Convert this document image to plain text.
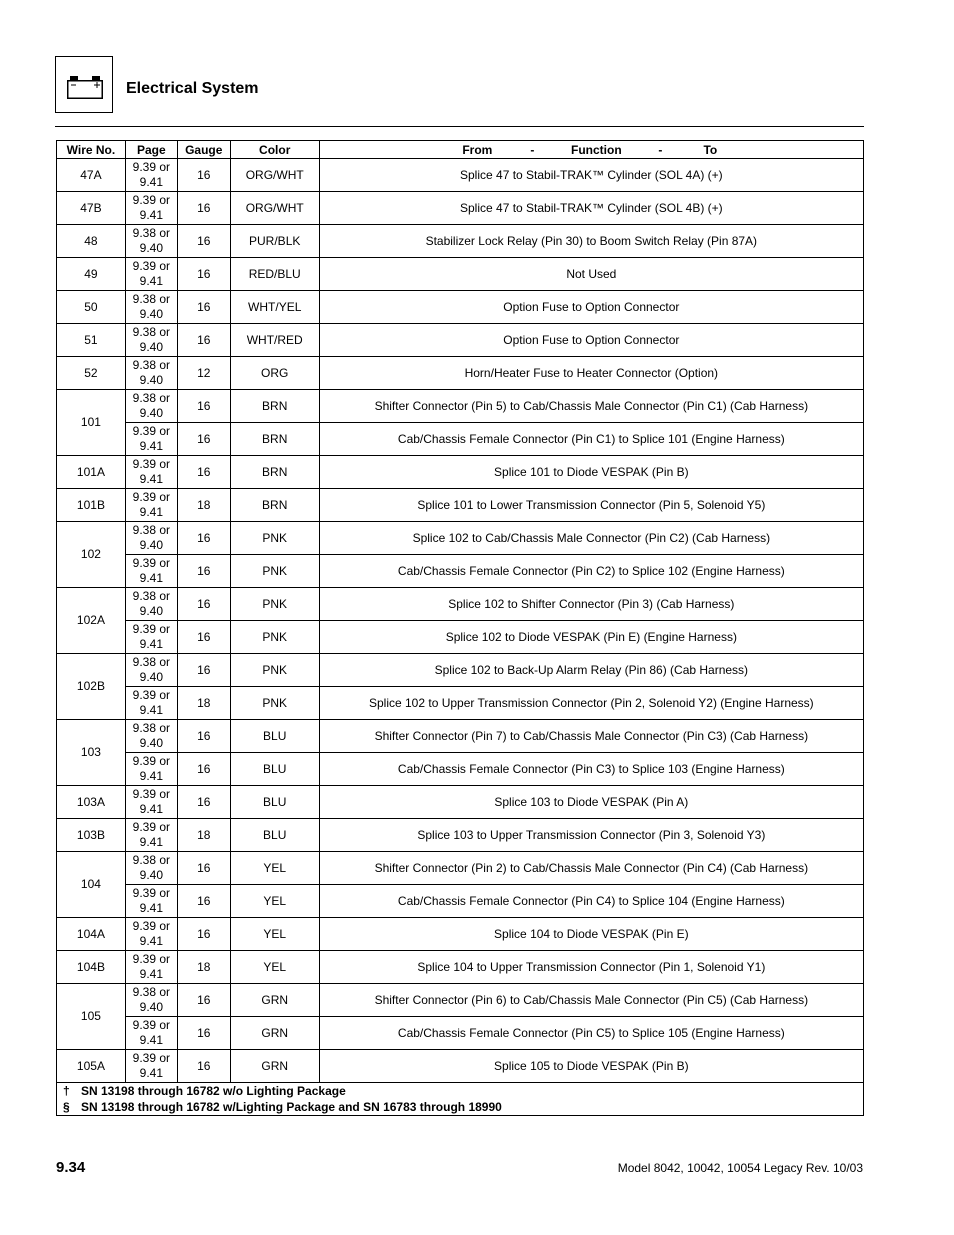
Electrical System
Wire No.	Page	Gauge	Color	From - Function - To

47A	9.39 or 9.41	16	ORG/WHT	Splice 47 to Stabil-TRAK™ Cylinder (SOL 4A) (+)
47B	9.39 or 9.41	16	ORG/WHT	Splice 47 to Stabil-TRAK™ Cylinder (SOL 4B) (+)
48	9.38 or 9.40	16	PUR/BLK	Stabilizer Lock Relay (Pin 30) to Boom Switch Relay (Pin 87A)
49	9.39 or 9.41	16	RED/BLU	Not Used
50	9.38 or 9.40	16	WHT/YEL	Option Fuse to Option Connector
51	9.38 or 9.40	16	WHT/RED	Option Fuse to Option Connector
52	9.38 or 9.40	12	ORG	Horn/Heater Fuse to Heater Connector (Option)
101	9.38 or 9.40	16	BRN	Shifter Connector (Pin 5) to Cab/Chassis Male Connector (Pin C1) (Cab Harness)
	9.39 or 9.41	16	BRN	Cab/Chassis Female Connector (Pin C1) to Splice 101 (Engine Harness)
101A	9.39 or 9.41	16	BRN	Splice 101 to Diode VESPAK (Pin B)
101B	9.39 or 9.41	18	BRN	Splice 101 to Lower Transmission Connector (Pin 5, Solenoid Y5)
102	9.38 or 9.40	16	PNK	Splice 102 to Cab/Chassis Male Connector (Pin C2) (Cab Harness)
	9.39 or 9.41	16	PNK	Cab/Chassis Female Connector (Pin C2) to Splice 102 (Engine Harness)
102A	9.38 or 9.40	16	PNK	Splice 102 to Shifter Connector (Pin 3) (Cab Harness)
	9.39 or 9.41	16	PNK	Splice 102 to Diode VESPAK (Pin E) (Engine Harness)
102B	9.38 or 9.40	16	PNK	Splice 102 to Back-Up Alarm Relay (Pin 86) (Cab Harness)
	9.39 or 9.41	18	PNK	Splice 102 to Upper Transmission Connector (Pin 2, Solenoid Y2) (Engine Harness)
103	9.38 or 9.40	16	BLU	Shifter Connector (Pin 7) to Cab/Chassis Male Connector (Pin C3) (Cab Harness)
	9.39 or 9.41	16	BLU	Cab/Chassis Female Connector (Pin C3) to Splice 103 (Engine Harness)
103A	9.39 or 9.41	16	BLU	Splice 103 to Diode VESPAK (Pin A)
103B	9.39 or 9.41	18	BLU	Splice 103 to Upper Transmission Connector (Pin 3, Solenoid Y3)
104	9.38 or 9.40	16	YEL	Shifter Connector (Pin 2) to Cab/Chassis Male Connector (Pin C4) (Cab Harness)
	9.39 or 9.41	16	YEL	Cab/Chassis Female Connector (Pin C4) to Splice 104 (Engine Harness)
104A	9.39 or 9.41	16	YEL	Splice 104 to Diode VESPAK (Pin E)
104B	9.39 or 9.41	18	YEL	Splice 104 to Upper Transmission Connector (Pin 1, Solenoid Y1)
105	9.38 or 9.40	16	GRN	Shifter Connector (Pin 6) to Cab/Chassis Male Connector (Pin C5) (Cab Harness)
	9.39 or 9.41	16	GRN	Cab/Chassis Female Connector (Pin C5) to Splice 105 (Engine Harness)
105A	9.39 or 9.41	16	GRN	Splice 105 to Diode VESPAK (Pin B)

† SN 13198 through 16782 w/o Lighting Package
§ SN 13198 through 16782 w/Lighting Package and SN 16783 through 18990				
9.34	Model 8042, 10042, 10054 Legacy Rev. 10/03
